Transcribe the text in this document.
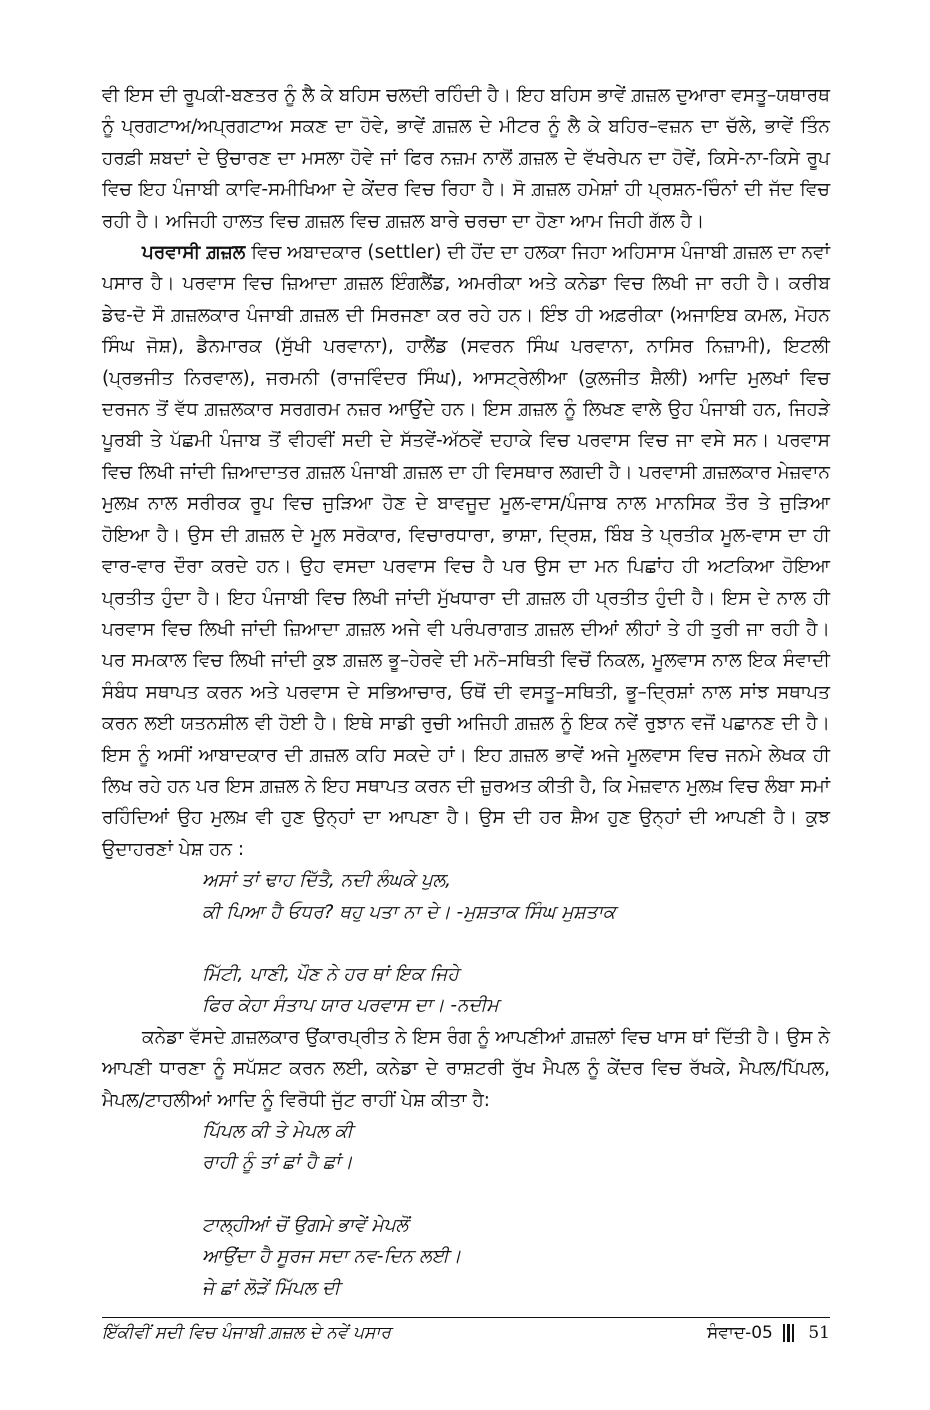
ਵੀ ਇਸ ਦੀ ਰੂਪਕੀ-ਬਣਤਰ ਨੂੰ ਲੈ ਕੇ ਬਹਿਸ ਚਲਦੀ ਰਹਿੰਦੀ ਹੈ। ਇਹ ਬਹਿਸ ਭਾਵੇਂ ਗ਼ਜ਼ਲ ਦੁਆਰਾ ਵਸਤੂ–ਯਥਾਰਥ ਨੂੰ ਪ੍ਰਗਟਾਅ/ਅਪ੍ਰਗਟਾਅ ਸਕਣ ਦਾ ਹੋਵੇ, ਭਾਵੇਂ ਗ਼ਜ਼ਲ ਦੇ ਮੀਟਰ ਨੂੰ ਲੈ ਕੇ ਬਹਿਰ–ਵਜ਼ਨ ਦਾ ਚੱਲੇ, ਭਾਵੇਂ ਤਿੰਨ ਹਰਫ਼ੀ ਸ਼ਬਦਾਂ ਦੇ ਉਚਾਰਣ ਦਾ ਮਸਲਾ ਹੋਵੇ ਜਾਂ ਫਿਰ ਨਜ਼ਮ ਨਾਲੋਂ ਗ਼ਜ਼ਲ ਦੇ ਵੱਖਰੇਪਨ ਦਾ ਹੋਵੇਂ, ਕਿਸੇ-ਨਾ-ਕਿਸੇ ਰੂਪ ਵਿਚ ਇਹ ਪੰਜਾਬੀ ਕਾਵਿ-ਸਮੀਖਿਆ ਦੇ ਕੇਂਦਰ ਵਿਚ ਰਿਹਾ ਹੈ। ਸੋ ਗ਼ਜ਼ਲ ਹਮੇਸ਼ਾਂ ਹੀ ਪ੍ਰਸ਼ਨ-ਚਿੰਨਾਂ ਦੀ ਜੱਦ ਵਿਚ ਰਹੀ ਹੈ। ਅਜਿਹੀ ਹਾਲਤ ਵਿਚ ਗ਼ਜ਼ਲ ਵਿਚ ਗ਼ਜ਼ਲ ਬਾਰੇ ਚਰਚਾ ਦਾ ਹੋਣਾ ਆਮ ਜਿਹੀ ਗੱਲ ਹੈ।

ਪਰਵਾਸੀ ਗ਼ਜ਼ਲ ਵਿਚ ਅਬਾਦਕਾਰ (settler) ਦੀ ਹੋਂਦ ਦਾ ਹਲਕਾ ਜਿਹਾ ਅਹਿਸਾਸ ਪੰਜਾਬੀ ਗ਼ਜ਼ਲ ਦਾ ਨਵਾਂ ਪਸਾਰ ਹੈ। ਪਰਵਾਸ ਵਿਚ ਜ਼ਿਆਦਾ ਗ਼ਜ਼ਲ ਇੰਗਲੈਂਡ, ਅਮਰੀਕਾ ਅਤੇ ਕਨੇਡਾ ਵਿਚ ਲਿਖੀ ਜਾ ਰਹੀ ਹੈ। ਕਰੀਬ ਡੇਢ-ਦੋ ਸੌ ਗ਼ਜ਼ਲਕਾਰ ਪੰਜਾਬੀ ਗ਼ਜ਼ਲ ਦੀ ਸਿਰਜਣਾ ਕਰ ਰਹੇ ਹਨ। ਇੰਝ ਹੀ ਅਫ਼ਰੀਕਾ (ਅਜਾਇਬ ਕਮਲ, ਮੋਹਨ ਸਿੰਘ ਜੋਸ਼), ਡੈਨਮਾਰਕ (ਸੁੱਖੀ ਪਰਵਾਨਾ), ਹਾਲੈਂਡ (ਸਵਰਨ ਸਿੰਘ ਪਰਵਾਨਾ, ਨਾਸਿਰ ਨਿਜ਼ਾਮੀ), ਇਟਲੀ (ਪ੍ਰਭਜੀਤ ਨਿਰਵਾਲ), ਜਰਮਨੀ (ਰਾਜਵਿੰਦਰ ਸਿੰਘ), ਆਸਟ੍ਰੇਲੀਆ (ਕੁਲਜੀਤ ਸ਼ੈਲੀ) ਆਦਿ ਮੁਲਖਾਂ ਵਿਚ ਦਰਜਨ ਤੋਂ ਵੱਧ ਗ਼ਜ਼ਲਕਾਰ ਸਰਗਰਮ ਨਜ਼ਰ ਆਉਂਦੇ ਹਨ। ਇਸ ਗ਼ਜ਼ਲ ਨੂੰ ਲਿਖਣ ਵਾਲੇ ਉਹ ਪੰਜਾਬੀ ਹਨ, ਜਿਹੜੇ ਪੂਰਬੀ ਤੇ ਪੱਛਮੀ ਪੰਜਾਬ ਤੋਂ ਵੀਹਵੀਂ ਸਦੀ ਦੇ ਸੱਤਵੇਂ-ਅੱਠਵੇਂ ਦਹਾਕੇ ਵਿਚ ਪਰਵਾਸ ਵਿਚ ਜਾ ਵਸੇ ਸਨ। ਪਰਵਾਸ ਵਿਚ ਲਿਖੀ ਜਾਂਦੀ ਜ਼ਿਆਦਾਤਰ ਗ਼ਜ਼ਲ ਪੰਜਾਬੀ ਗ਼ਜ਼ਲ ਦਾ ਹੀ ਵਿਸਥਾਰ ਲਗਦੀ ਹੈ। ਪਰਵਾਸੀ ਗ਼ਜ਼ਲਕਾਰ ਮੇਜ਼ਵਾਨ ਮੁਲਖ਼ ਨਾਲ ਸਰੀਰਕ ਰੂਪ ਵਿਚ ਜੁੜਿਆ ਹੋਣ ਦੇ ਬਾਵਜੂਦ ਮੂਲ-ਵਾਸ/ਪੰਜਾਬ ਨਾਲ ਮਾਨਸਿਕ ਤੌਰ ਤੇ ਜੁੜਿਆ ਹੋਇਆ ਹੈ। ਉਸ ਦੀ ਗ਼ਜ਼ਲ ਦੇ ਮੂਲ ਸਰੋਕਾਰ, ਵਿਚਾਰਧਾਰਾ, ਭਾਸ਼ਾ, ਦ੍ਰਿਸ਼, ਬਿੰਬ ਤੇ ਪ੍ਰਤੀਕ ਮੂਲ-ਵਾਸ ਦਾ ਹੀ ਵਾਰ-ਵਾਰ ਦੌਰਾ ਕਰਦੇ ਹਨ। ਉਹ ਵਸਦਾ ਪਰਵਾਸ ਵਿਚ ਹੈ ਪਰ ਉਸ ਦਾ ਮਨ ਪਿਛਾਂਹ ਹੀ ਅਟਕਿਆ ਹੋਇਆ ਪ੍ਰਤੀਤ ਹੁੰਦਾ ਹੈ। ਇਹ ਪੰਜਾਬੀ ਵਿਚ ਲਿਖੀ ਜਾਂਦੀ ਮੁੱਖਧਾਰਾ ਦੀ ਗ਼ਜ਼ਲ ਹੀ ਪ੍ਰਤੀਤ ਹੁੰਦੀ ਹੈ। ਇਸ ਦੇ ਨਾਲ ਹੀ ਪਰਵਾਸ ਵਿਚ ਲਿਖੀ ਜਾਂਦੀ ਜ਼ਿਆਦਾ ਗ਼ਜ਼ਲ ਅਜੇ ਵੀ ਪਰੰਪਰਾਗਤ ਗ਼ਜ਼ਲ ਦੀਆਂ ਲੀਹਾਂ ਤੇ ਹੀ ਤੁਰੀ ਜਾ ਰਹੀ ਹੈ। ਪਰ ਸਮਕਾਲ ਵਿਚ ਲਿਖੀ ਜਾਂਦੀ ਕੁਝ ਗ਼ਜ਼ਲ ਭੂ–ਹੇਰਵੇ ਦੀ ਮਨੋ–ਸਥਿਤੀ ਵਿਚੋਂ ਨਿਕਲ, ਮੂਲਵਾਸ ਨਾਲ ਇਕ ਸੰਵਾਦੀ ਸੰਬੰਧ ਸਥਾਪਤ ਕਰਨ ਅਤੇ ਪਰਵਾਸ ਦੇ ਸਭਿਆਚਾਰ, ਓਥੋਂ ਦੀ ਵਸਤੂ–ਸਥਿਤੀ, ਭੂ–ਦ੍ਰਿਸ਼ਾਂ ਨਾਲ ਸਾਂਝ ਸਥਾਪਤ ਕਰਨ ਲਈ ਯਤਨਸ਼ੀਲ ਵੀ ਹੋਈ ਹੈ। ਇਥੇ ਸਾਡੀ ਰੁਚੀ ਅਜਿਹੀ ਗ਼ਜ਼ਲ ਨੂੰ ਇਕ ਨਵੇਂ ਰੁਝਾਨ ਵਜੋਂ ਪਛਾਨਣ ਦੀ ਹੈ। ਇਸ ਨੂੰ ਅਸੀਂ ਆਬਾਦਕਾਰ ਦੀ ਗ਼ਜ਼ਲ ਕਹਿ ਸਕਦੇ ਹਾਂ। ਇਹ ਗ਼ਜ਼ਲ ਭਾਵੇਂ ਅਜੇ ਮੂਲਵਾਸ ਵਿਚ ਜਨਮੇ ਲੇਖਕ ਹੀ ਲਿਖ ਰਹੇ ਹਨ ਪਰ ਇਸ ਗ਼ਜ਼ਲ ਨੇ ਇਹ ਸਥਾਪਤ ਕਰਨ ਦੀ ਜ਼ੁਰਅਤ ਕੀਤੀ ਹੈ, ਕਿ ਮੇਜ਼ਵਾਨ ਮੁਲਖ਼ ਵਿਚ ਲੰਬਾ ਸਮਾਂ ਰਹਿੰਦਿਆਂ ਉਹ ਮੁਲਖ਼ ਵੀ ਹੁਣ ਉਨ੍ਹਾਂ ਦਾ ਆਪਣਾ ਹੈ। ਉਸ ਦੀ ਹਰ ਸ਼ੈਅ ਹੁਣ ਉਨ੍ਹਾਂ ਦੀ ਆਪਣੀ ਹੈ। ਕੁਝ ਉਦਾਹਰਣਾਂ ਪੇਸ਼ ਹਨ :

ਅਸਾਂ ਤਾਂ ਢਾਹ ਦਿੱਤੈ, ਨਦੀ ਲੰਘਕੇ ਪੁਲ,
ਕੀ ਪਿਆ ਹੈ ਓਧਰ? ਥਹੁ ਪਤਾ ਨਾ ਦੇ। -ਮੁਸ਼ਤਾਕ ਸਿੰਘ ਮੁਸ਼ਤਾਕ
ਮਿੱਟੀ, ਪਾਣੀ, ਪੌਣ ਨੇ ਹਰ ਥਾਂ ਇਕ ਜਿਹੇ
ਫਿਰ ਕੇਹਾ ਸੰਤਾਪ ਯਾਰ ਪਰਵਾਸ ਦਾ। -ਨਦੀਮ

ਕਨੇਡਾ ਵੱਸਦੇ ਗ਼ਜ਼ਲਕਾਰ ਉਂਕਾਰਪ੍ਰੀਤ ਨੇ ਇਸ ਰੰਗ ਨੂੰ ਆਪਣੀਆਂ ਗ਼ਜ਼ਲਾਂ ਵਿਚ ਖਾਸ ਥਾਂ ਦਿੱਤੀ ਹੈ। ਉਸ ਨੇ ਆਪਣੀ ਧਾਰਣਾ ਨੂੰ ਸਪੱਸ਼ਟ ਕਰਨ ਲਈ, ਕਨੇਡਾ ਦੇ ਰਾਸ਼ਟਰੀ ਰੁੱਖ ਮੈਪਲ ਨੂੰ ਕੇਂਦਰ ਵਿਚ ਰੱਖਕੇ, ਮੈਪਲ/ਪਿੱਪਲ, ਮੈਪਲ/ਟਾਹਲੀਆਂ ਆਦਿ ਨੂੰ ਵਿਰੋਧੀ ਜੁੱਟ ਰਾਹੀਂ ਪੇਸ਼ ਕੀਤਾ ਹੈ:

ਪਿੱਪਲ ਕੀ ਤੇ ਮੇਪਲ ਕੀ
ਰਾਹੀ ਨੂੰ ਤਾਂ ਛਾਂ ਹੈ ਛਾਂ।
ਟਾਲ੍ਹੀਆਂ ਚੋਂ ਉਗਮੇ ਭਾਵੇਂ ਮੇਪਲੋਂ
ਆਉਂਦਾ ਹੈ ਸੂਰਜ ਸਦਾ ਨਵ-ਦਿਨ ਲਈ।
ਜੇ ਛਾਂ ਲੋੜੇਂ ਮਿੱਪਲ ਦੀ
ਇੱਕੀਵੀਂ ਸਦੀ ਵਿਚ ਪੰਜਾਬੀ ਗ਼ਜ਼ਲ ਦੇ ਨਵੇਂ ਪਸਾਰ	ਸੰਵਾਦ-05 51
